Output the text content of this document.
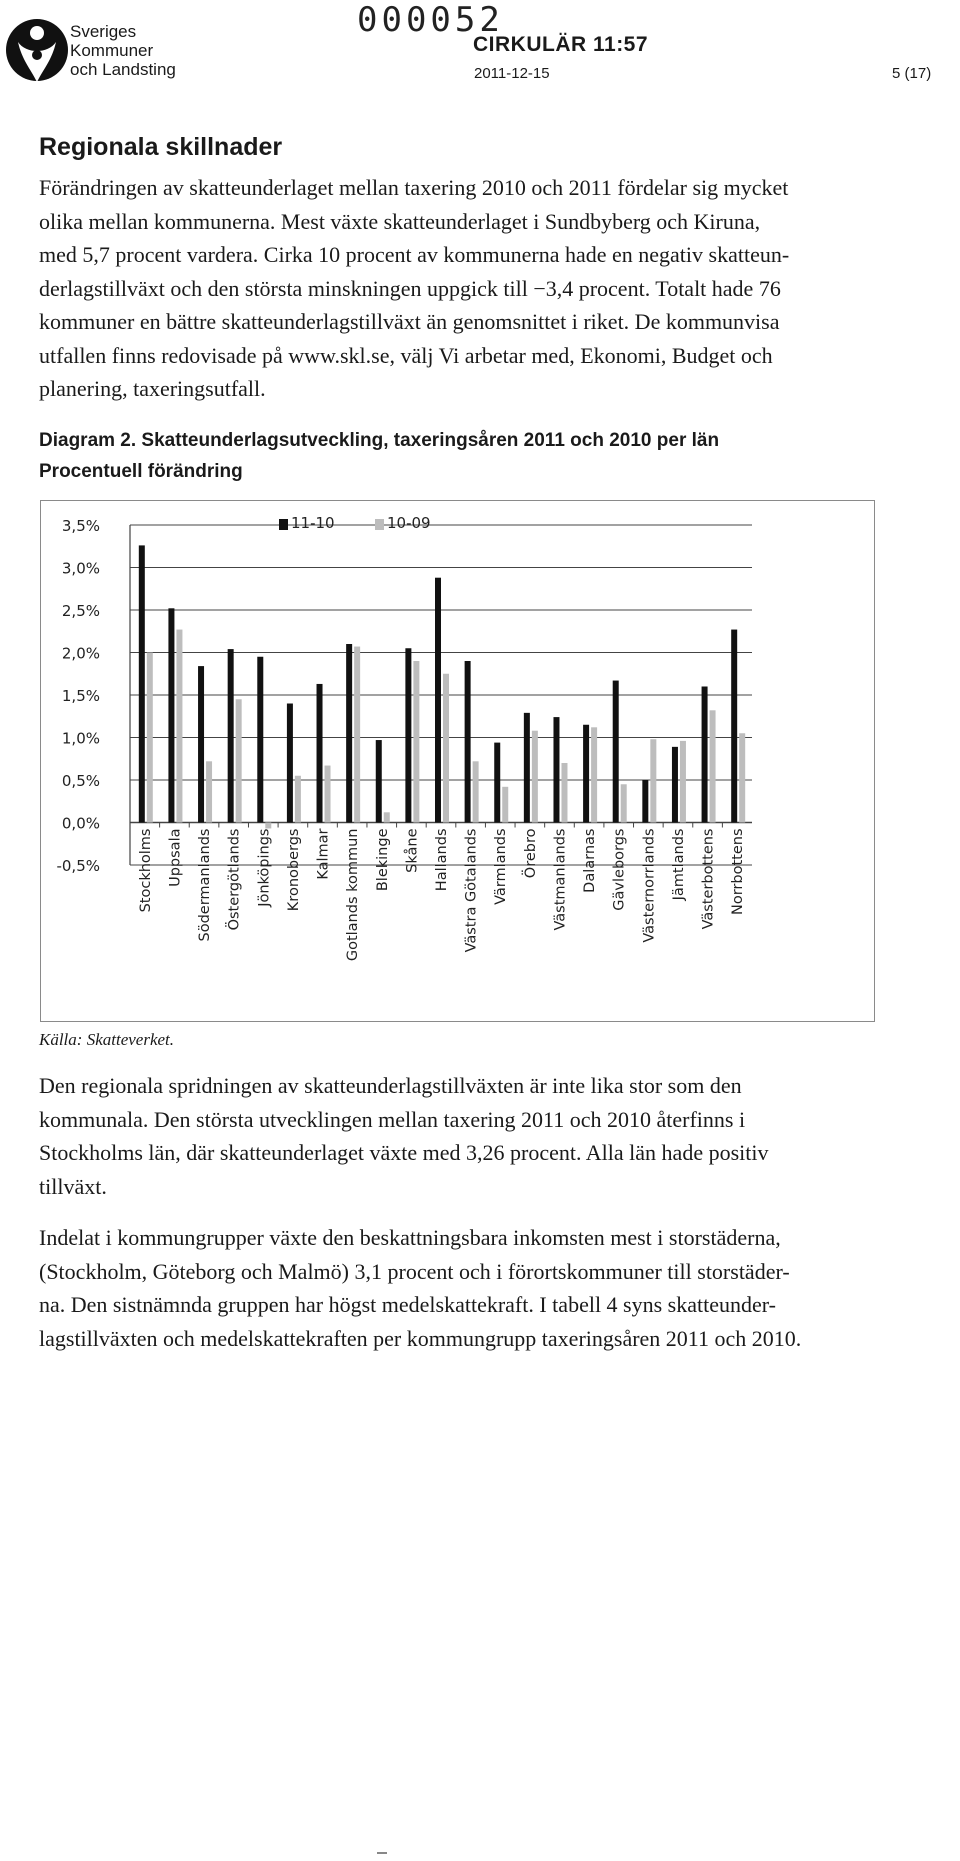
Sveriges
Kommuner
och Landsting
000052
CIRKULÄR 11:57
2011-12-15	5 (17)
Regionala skillnader
Förändringen av skatteunderlaget mellan taxering 2010 och 2011 fördelar sig mycket
olika mellan kommunerna. Mest växte skatteunderlaget i Sundbyberg och Kiruna,
med 5,7 procent vardera. Cirka 10 procent av kommunerna hade en negativ skatteun-
derlagstillväxt och den största minskningen uppgick till −3,4 procent. Totalt hade 76
kommuner en bättre skatteunderlagstillväxt än genomsnittet i riket. De kommunvisa
utfallen finns redovisade på www.skl.se, välj Vi arbetar med, Ekonomi, Budget och
planering, taxeringsutfall.
Diagram 2. Skatteunderlagsutveckling, taxeringsåren 2011 och 2010 per län
Procentuell förändring
3,5%
3,0%
2,5%
2,0%
1,5%
1,0%
0,5%
0,0%
-0,5%	Stockholms Uppsala Södermanlands Östergötlands Jönköpings Kronobergs Kalmar Gotlands kommun Blekinge Skåne Hallands Västra Götalands Värmlands Örebro Västmanlands Dalarnas Gävleborgs Västernorrlands Jämtlands Västerbottens Norrbottens
11-10	10-09
Källa: Skatteverket.
Den regionala spridningen av skatteunderlagstillväxten är inte lika stor som den
kommunala. Den största utvecklingen mellan taxering 2011 och 2010 återfinns i
Stockholms län, där skatteunderlaget växte med 3,26 procent. Alla län hade positiv
tillväxt.
Indelat i kommungrupper växte den beskattningsbara inkomsten mest i storstäderna,
(Stockholm, Göteborg och Malmö) 3,1 procent och i förortskommuner till storstäder-
na. Den sistnämnda gruppen har högst medelskattekraft. I tabell 4 syns skatteunder-
lagstillväxten och medelskattekraften per kommungrupp taxeringsåren 2011 och 2010.
